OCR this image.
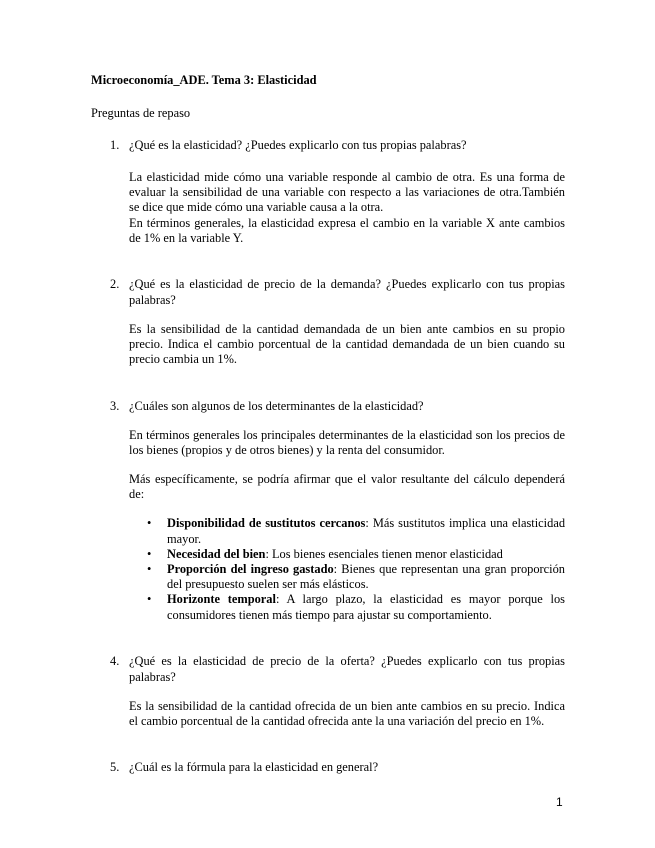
Microeconomía_ADE. Tema 3: Elasticidad
Preguntas de repaso
1. ¿Qué es la elasticidad? ¿Puedes explicarlo con tus propias palabras?
La elasticidad mide cómo una variable responde al cambio de otra. Es una forma de evaluar la sensibilidad de una variable con respecto a las variaciones de otra.También se dice que mide cómo una variable causa a la otra.
En términos generales, la elasticidad expresa el cambio en la variable X ante cambios de 1% en la variable Y.
2. ¿Qué es la elasticidad de precio de la demanda? ¿Puedes explicarlo con tus propias palabras?
Es la sensibilidad de la cantidad demandada de un bien ante cambios en su propio precio. Indica el cambio porcentual de la cantidad demandada de un bien cuando su precio cambia un 1%.
3. ¿Cuáles son algunos de los determinantes de la elasticidad?
En términos generales los principales determinantes de la elasticidad son los precios de los bienes (propios y de otros bienes) y la renta del consumidor.
Más específicamente, se podría afirmar que el valor resultante del cálculo dependerá de:
• Disponibilidad de sustitutos cercanos: Más sustitutos implica una elasticidad mayor.
• Necesidad del bien: Los bienes esenciales tienen menor elasticidad
• Proporción del ingreso gastado: Bienes que representan una gran proporción del presupuesto suelen ser más elásticos.
• Horizonte temporal: A largo plazo, la elasticidad es mayor porque los consumidores tienen más tiempo para ajustar su comportamiento.
4. ¿Qué es la elasticidad de precio de la oferta? ¿Puedes explicarlo con tus propias palabras?
Es la sensibilidad de la cantidad ofrecida de un bien ante cambios en su precio. Indica el cambio porcentual de la cantidad ofrecida ante la una variación del precio en 1%.
5. ¿Cuál es la fórmula para la elasticidad en general?
1
